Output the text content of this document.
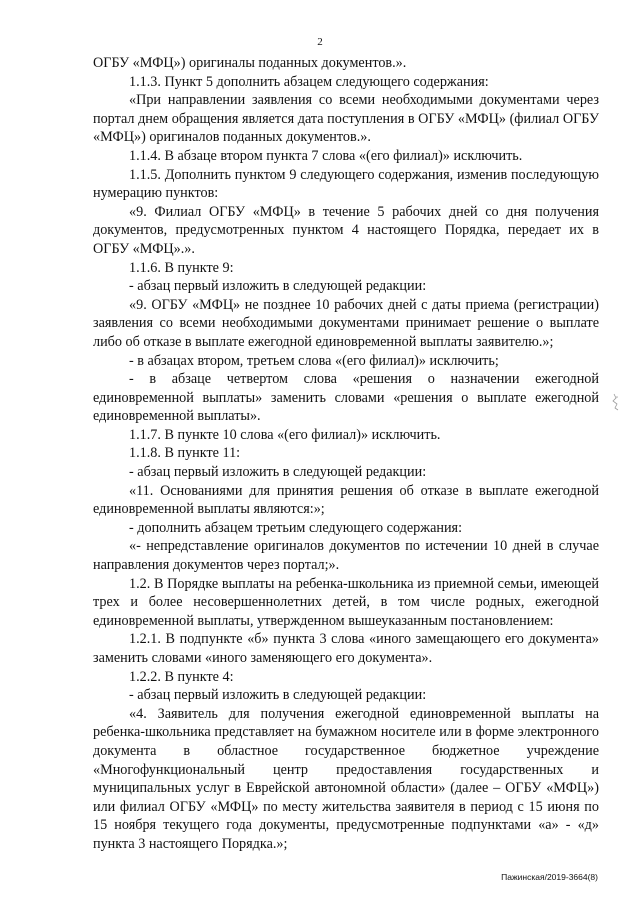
2

ОГБУ «МФЦ») оригиналы поданных документов.».

1.1.3. Пункт 5 дополнить абзацем следующего содержания:

«При направлении заявления со всеми необходимыми документами через портал днем обращения является дата поступления в ОГБУ «МФЦ» (филиал ОГБУ «МФЦ») оригиналов поданных документов.».

1.1.4. В абзаце втором пункта 7 слова «(его филиал)» исключить.

1.1.5. Дополнить пунктом 9 следующего содержания, изменив последующую нумерацию пунктов:

«9. Филиал ОГБУ «МФЦ» в течение 5 рабочих дней со дня получения документов, предусмотренных пунктом 4 настоящего Порядка, передает их в ОГБУ «МФЦ».».

1.1.6. В пункте 9:

- абзац первый изложить в следующей редакции:

«9. ОГБУ «МФЦ» не позднее 10 рабочих дней с даты приема (регистрации) заявления со всеми необходимыми документами принимает решение о выплате либо об отказе в выплате ежегодной единовременной выплаты заявителю.»;

- в абзацах втором, третьем слова «(его филиал)» исключить;

- в абзаце четвертом слова «решения о назначении ежегодной единовременной выплаты» заменить словами «решения о выплате ежегодной единовременной выплаты».

1.1.7. В пункте 10 слова «(его филиал)» исключить.

1.1.8. В пункте 11:

- абзац первый изложить в следующей редакции:

«11. Основаниями для принятия решения об отказе в выплате ежегодной единовременной выплаты являются:»;

- дополнить абзацем третьим следующего содержания:

«- непредставление оригиналов документов по истечении 10 дней в случае направления документов через портал;».

1.2. В Порядке выплаты на ребенка-школьника из приемной семьи, имеющей трех и более несовершеннолетних детей, в том числе родных, ежегодной единовременной выплаты, утвержденном вышеуказанным постановлением:

1.2.1. В подпункте «б» пункта 3 слова «иного замещающего его документа» заменить словами «иного заменяющего его документа».

1.2.2. В пункте 4:

- абзац первый изложить в следующей редакции:

«4. Заявитель для получения ежегодной единовременной выплаты на ребенка-школьника представляет на бумажном носителе или в форме электронного документа в областное государственное бюджетное учреждение «Многофункциональный центр предоставления государственных и муниципальных услуг в Еврейской автономной области» (далее – ОГБУ «МФЦ») или филиал ОГБУ «МФЦ» по месту жительства заявителя в период с 15 июня по 15 ноября текущего года документы, предусмотренные подпунктами «а» - «д» пункта 3 настоящего Порядка.»;

Пажинская/2019-3664(8)
